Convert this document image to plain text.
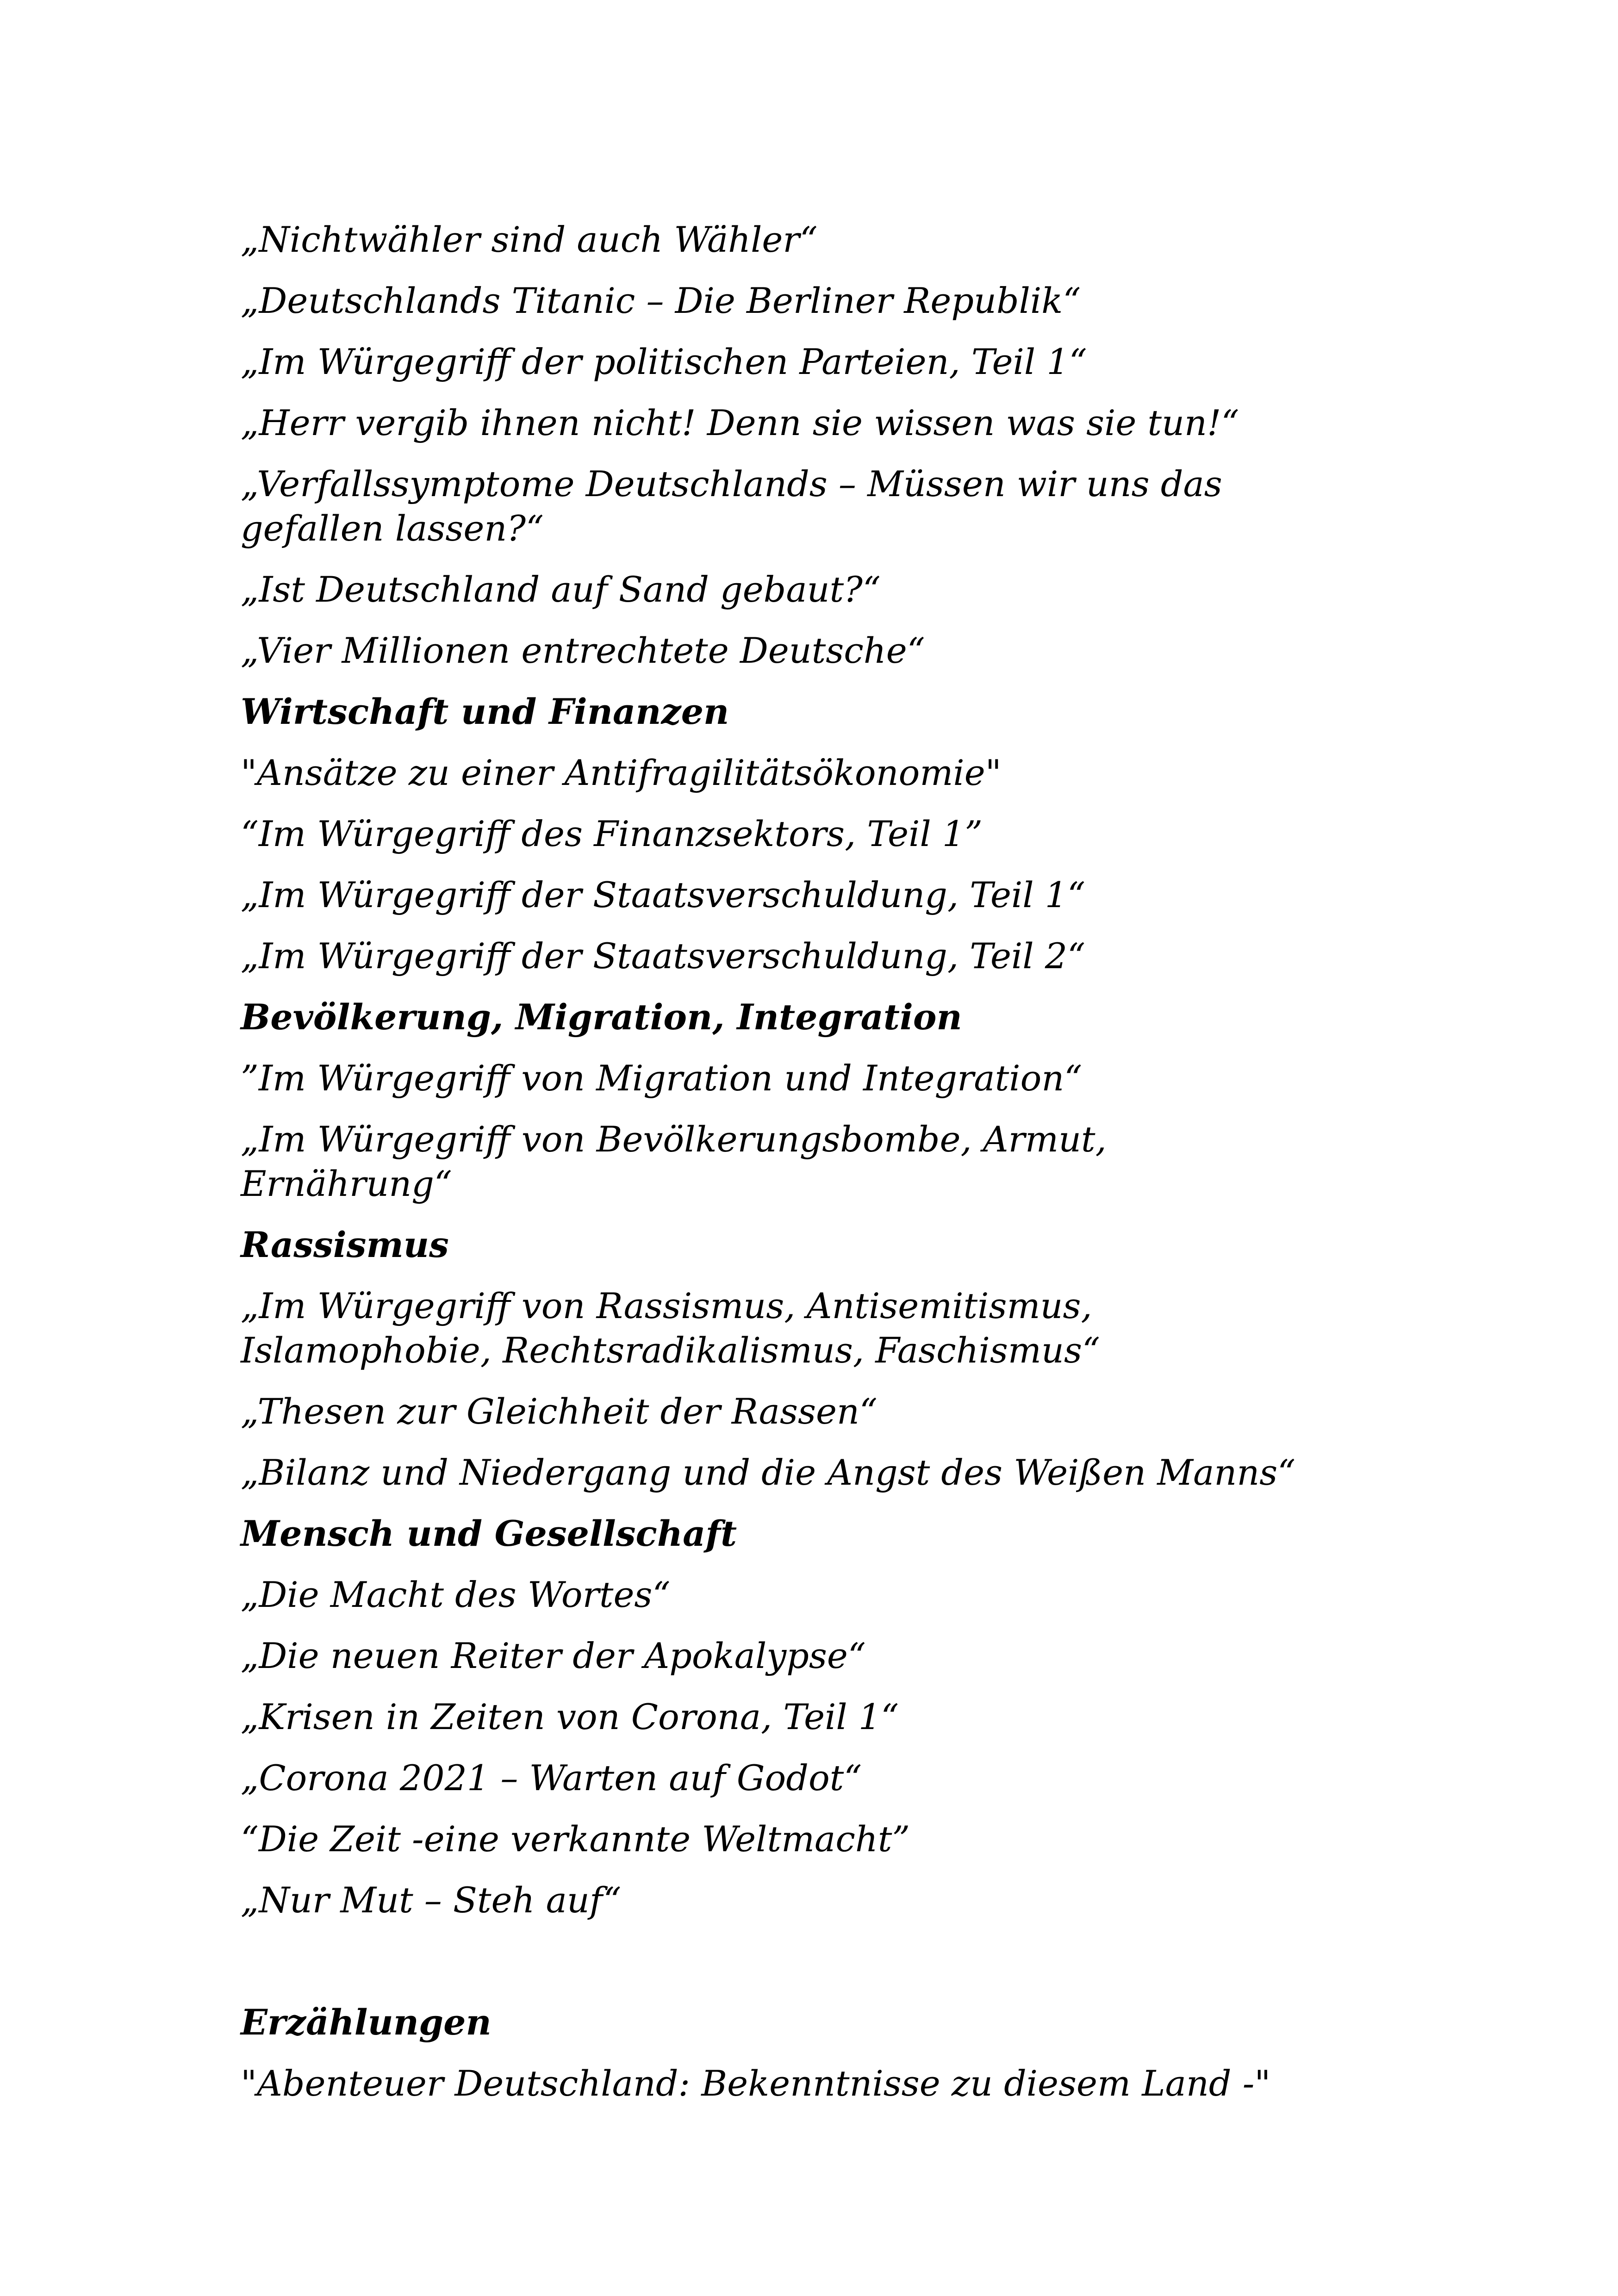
„Nichtwähler sind auch Wähler“
„Deutschlands Titanic – Die Berliner Republik“
„Im Würgegriff der politischen Parteien, Teil 1“
„Herr vergib ihnen nicht! Denn sie wissen was sie tun!“
„Verfallssymptome Deutschlands – Müssen wir uns das gefallen lassen?“
„Ist Deutschland auf Sand gebaut?“
„Vier Millionen entrechtete Deutsche“
Wirtschaft und Finanzen
"Ansätze zu einer Antifragilitätsökonomie"
“Im Würgegriff des Finanzsektors, Teil 1”
„Im Würgegriff der Staatsverschuldung, Teil 1“
„Im Würgegriff der Staatsverschuldung, Teil 2“
Bevölkerung, Migration, Integration
”Im Würgegriff von Migration und Integration“
„Im Würgegriff von Bevölkerungsbombe, Armut, Ernährung“
Rassismus
„Im Würgegriff von Rassismus, Antisemitismus, Islamophobie, Rechtsradikalismus, Faschismus“
„Thesen zur Gleichheit der Rassen“
„Bilanz und Niedergang und die Angst des Weißen Manns“
Mensch und Gesellschaft
„Die Macht des Wortes“
„Die neuen Reiter der Apokalypse“
„Krisen in Zeiten von Corona, Teil 1“
„Corona 2021 – Warten auf Godot“
“Die Zeit -eine verkannte Weltmacht”
„Nur Mut – Steh auf“
Erzählungen
"Abenteuer Deutschland: Bekenntnisse zu diesem Land -"
